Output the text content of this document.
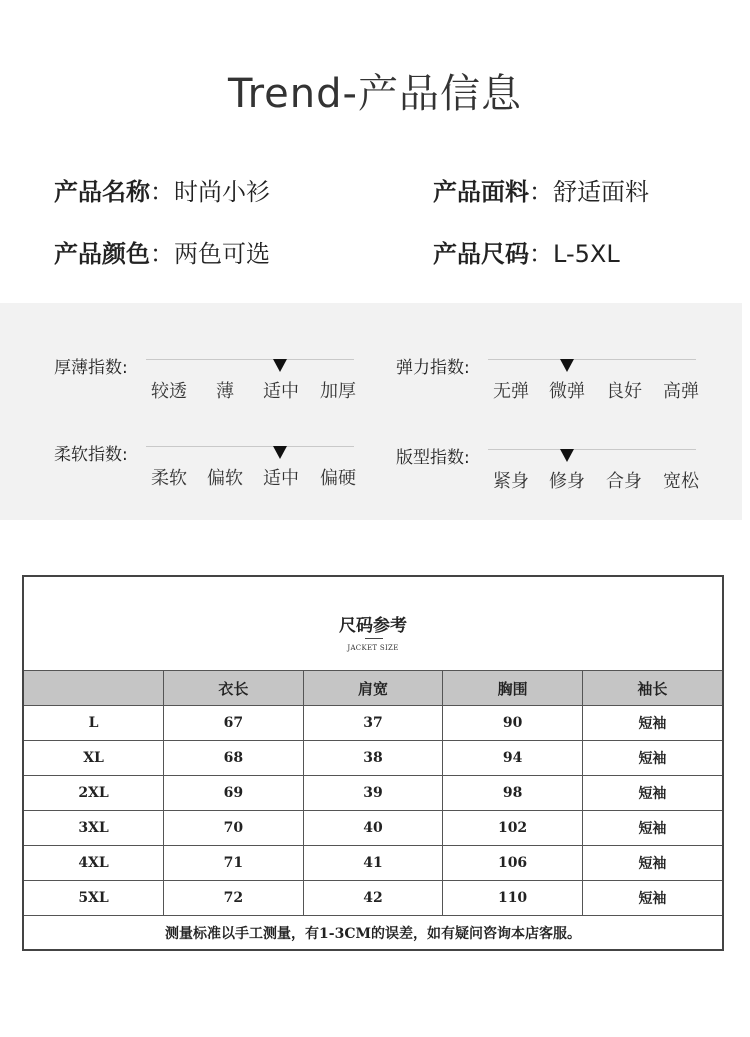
Trend-产品信息
产品名称：时尚小衫	产品面料：舒适面料
产品颜色：两色可选	产品尺码：L-5XL
厚薄指数:
较透 薄 适中 加厚
弹力指数:
无弹 微弹 良好 高弹
柔软指数:
柔软 偏软 适中 偏硬
版型指数:
紧身 修身 合身 宽松
尺码参考
JACKET SIZE
	衣长	肩宽	胸围	袖长
L	67	37	90	短袖
XL	68	38	94	短袖
2XL	69	39	98	短袖
3XL	70	40	102	短袖
4XL	71	41	106	短袖
5XL	72	42	110	短袖
测量标准以手工测量，有1-3CM的误差，如有疑问咨询本店客服。
